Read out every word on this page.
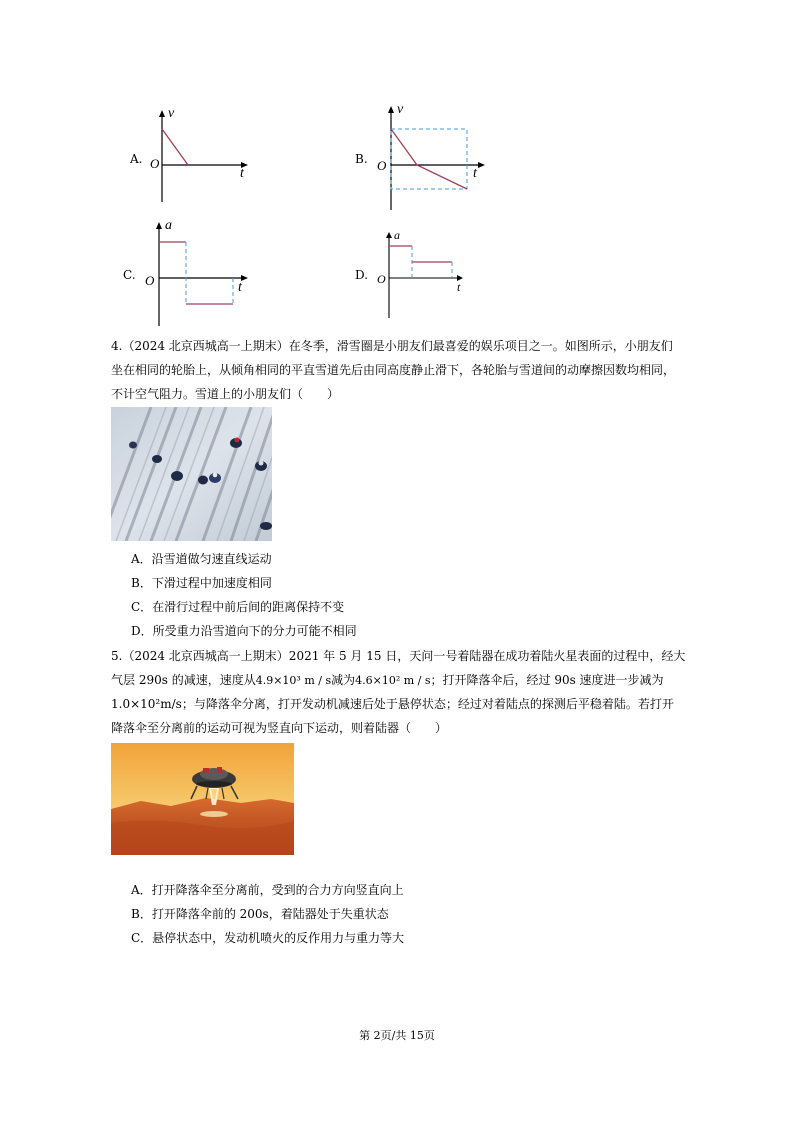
A.
v
O
t
B.
v
O
t
C.
a
O	t
D.
a
O
t
4.（2024 北京西城高一上期末）在冬季，滑雪圈是小朋友们最喜爱的娱乐项目之一。如图所示，小朋友们
坐在相同的轮胎上，从倾角相同的平直雪道先后由同高度静止滑下，各轮胎与雪道间的动摩擦因数均相同，
不计空气阻力。雪道上的小朋友们（　　）
A．沿雪道做匀速直线运动
B．下滑过程中加速度相同
C．在滑行过程中前后间的距离保持不变
D．所受重力沿雪道向下的分力可能不相同
5.（2024 北京西城高一上期末）2021 年 5 月 15 日，天问一号着陆器在成功着陆火星表面的过程中，经大
气层 290s 的减速，速度从4.9×10³ m / s减为4.6×10² m / s；打开降落伞后，经过 90s 速度进一步减为
1.0×10²m/s；与降落伞分离，打开发动机减速后处于悬停状态；经过对着陆点的探测后平稳着陆。若打开
降落伞至分离前的运动可视为竖直向下运动，则着陆器（　　）
A．打开降落伞至分离前，受到的合力方向竖直向上
B．打开降落伞前的 200s，着陆器处于失重状态
C．悬停状态中，发动机喷火的反作用力与重力等大
第 2页/共 15页
